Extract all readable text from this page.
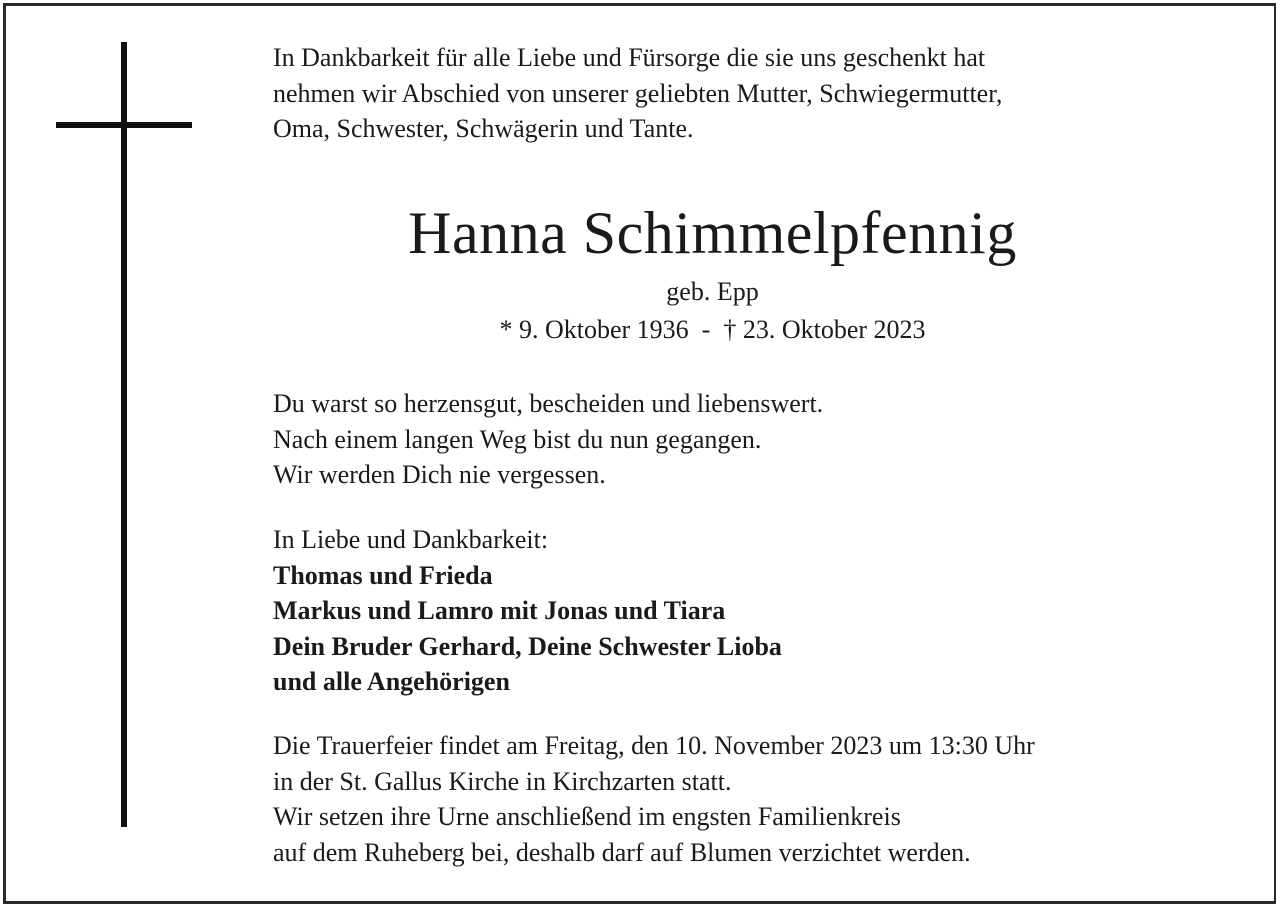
In Dankbarkeit für alle Liebe und Fürsorge die sie uns geschenkt hat
nehmen wir Abschied von unserer geliebten Mutter, Schwiegermutter,
Oma, Schwester, Schwägerin und Tante.
Hanna Schimmelpfennig
geb. Epp
* 9. Oktober 1936  -  † 23. Oktober 2023
Du warst so herzensgut, bescheiden und liebenswert.
Nach einem langen Weg bist du nun gegangen.
Wir werden Dich nie vergessen.
In Liebe und Dankbarkeit:
Thomas und Frieda
Markus und Lamro mit Jonas und Tiara
Dein Bruder Gerhard, Deine Schwester Lioba
und alle Angehörigen
Die Trauerfeier findet am Freitag, den 10. November 2023 um 13:30 Uhr
in der St. Gallus Kirche in Kirchzarten statt.
Wir setzen ihre Urne anschließend im engsten Familienkreis
auf dem Ruheberg bei, deshalb darf auf Blumen verzichtet werden.
